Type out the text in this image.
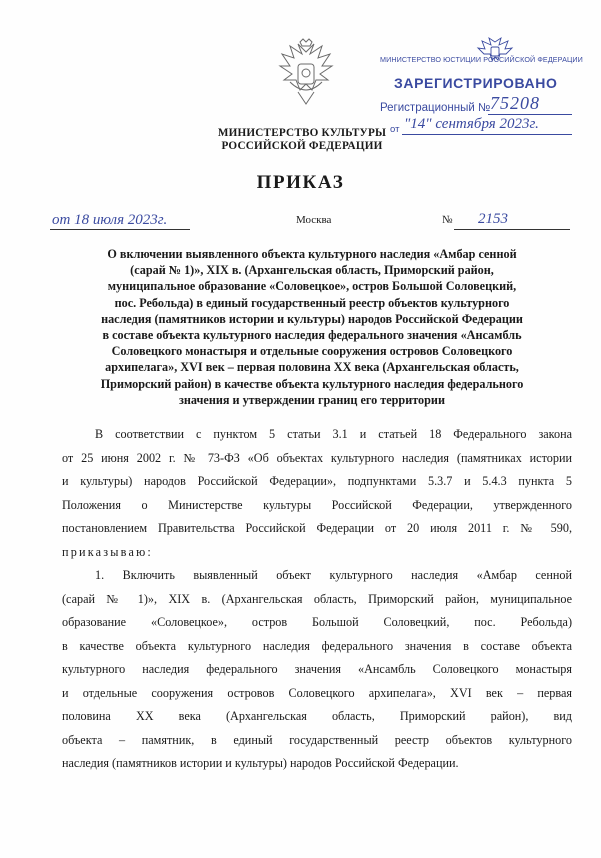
МИНИСТЕРСТВО КУЛЬТУРЫ
РОССИЙСКОЙ ФЕДЕРАЦИИ
МИНИСТЕРСТВО ЮСТИЦИИ РОССИЙСКОЙ ФЕДЕРАЦИИ
ЗАРЕГИСТРИРОВАНО
Регистрационный № 75208
от "14" сентября 2023г.
ПРИКАЗ
от 18 июля 2023г.	Москва	№ 2153
О включении выявленного объекта культурного наследия «Амбар сенной
(сарай № 1)», XIX в. (Архангельская область, Приморский район,
муниципальное образование «Соловецкое», остров Большой Соловецкий,
пос. Ребольда) в единый государственный реестр объектов культурного
наследия (памятников истории и культуры) народов Российской Федерации
в составе объекта культурного наследия федерального значения «Ансамбль
Соловецкого монастыря и отдельные сооружения островов Соловецкого
архипелага», XVI век – первая половина XX века (Архангельская область,
Приморский район) в качестве объекта культурного наследия федерального
значения и утверждении границ его территории
В соответствии с пунктом 5 статьи 3.1 и статьей 18 Федерального закона
от 25 июня 2002 г. № 73-ФЗ «Об объектах культурного наследия (памятниках истории
и культуры) народов Российской Федерации», подпунктами 5.3.7 и 5.4.3 пункта 5
Положения о Министерстве культуры Российской Федерации, утвержденного
постановлением Правительства Российской Федерации от 20 июля 2011 г. № 590,
приказываю:
1. Включить выявленный объект культурного наследия «Амбар сенной
(сарай № 1)», XIX в. (Архангельская область, Приморский район, муниципальное
образование «Соловецкое», остров Большой Соловецкий, пос. Ребольда)
в качестве объекта культурного наследия федерального значения в составе объекта
культурного наследия федерального значения «Ансамбль Соловецкого монастыря
и отдельные сооружения островов Соловецкого архипелага», XVI век – первая
половина XX века (Архангельская область, Приморский район), вид
объекта – памятник, в единый государственный реестр объектов культурного
наследия (памятников истории и культуры) народов Российской Федерации.
